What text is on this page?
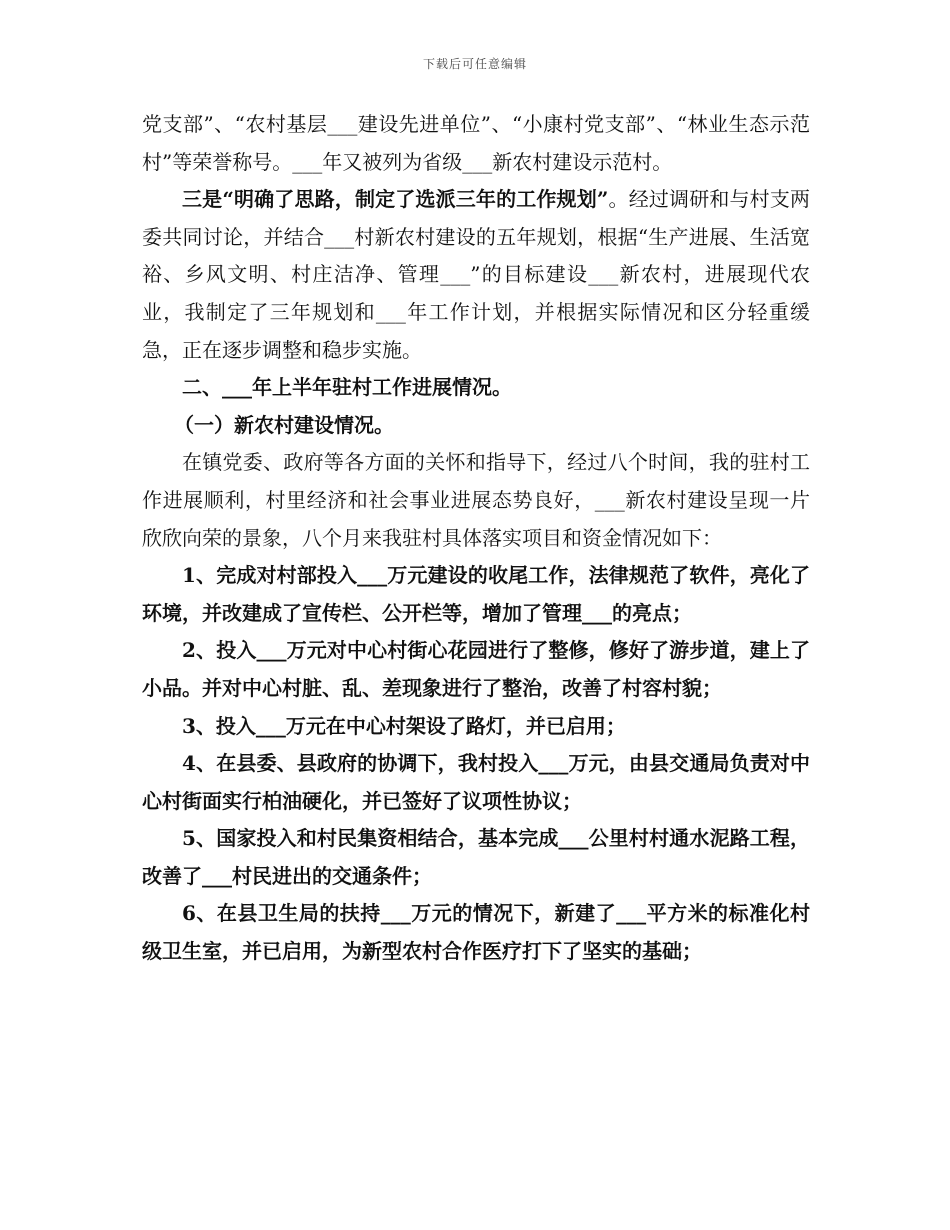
下载后可任意编辑

党支部”、“农村基层___建设先进单位”、“小康村党支部”、“林业生态示范村”等荣誉称号。___年又被列为省级___新农村建设示范村。

三是“明确了思路，制定了选派三年的工作规划”。经过调研和与村支两委共同讨论，并结合___村新农村建设的五年规划，根据“生产进展、生活宽裕、乡风文明、村庄洁净、管理___”的目标建设___新农村，进展现代农业，我制定了三年规划和___年工作计划，并根据实际情况和区分轻重缓急，正在逐步调整和稳步实施。

二、___年上半年驻村工作进展情况。

（一）新农村建设情况。

在镇党委、政府等各方面的关怀和指导下，经过八个时间，我的驻村工作进展顺利，村里经济和社会事业进展态势良好，___新农村建设呈现一片欣欣向荣的景象，八个月来我驻村具体落实项目和资金情况如下：

1、完成对村部投入___万元建设的收尾工作，法律规范了软件，亮化了环境，并改建成了宣传栏、公开栏等，增加了管理___的亮点；

2、投入___万元对中心村街心花园进行了整修，修好了游步道，建上了小品。并对中心村脏、乱、差现象进行了整治，改善了村容村貌；

3、投入___万元在中心村架设了路灯，并已启用；

4、在县委、县政府的协调下，我村投入___万元，由县交通局负责对中心村街面实行柏油硬化，并已签好了议项性协议；

5、国家投入和村民集资相结合，基本完成___公里村村通水泥路工程，改善了___村民进出的交通条件；

6、在县卫生局的扶持___万元的情况下，新建了___平方米的标准化村级卫生室，并已启用，为新型农村合作医疗打下了坚实的基础；
